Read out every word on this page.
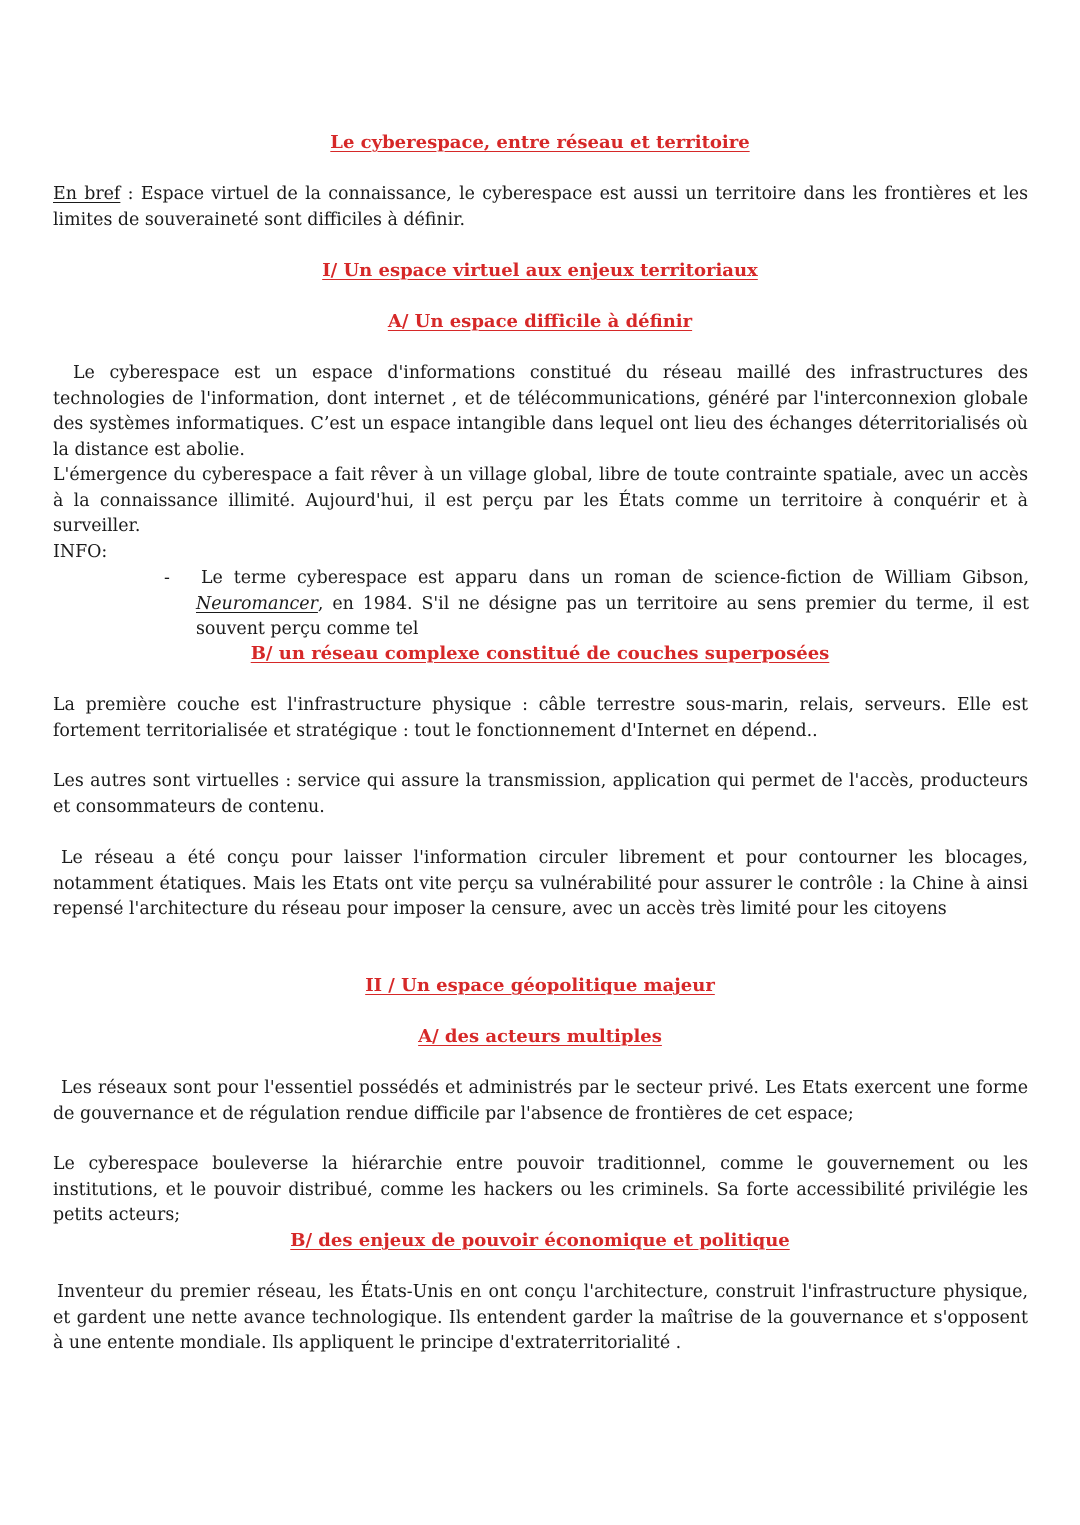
Le cyberespace, entre réseau et territoire

En bref : Espace virtuel de la connaissance, le cyberespace est aussi un territoire dans les frontières et les limites de souveraineté sont difficiles à définir.

I/ Un espace virtuel aux enjeux territoriaux
A/ Un espace difficile à définir

Le cyberespace est un espace d'informations constitué du réseau maillé des infrastructures des technologies de l'information, dont internet , et de télécommunications, généré par l'interconnexion globale des systèmes informatiques. C’est un espace intangible dans lequel ont lieu des échanges déterritorialisés où la distance est abolie.

L'émergence du cyberespace a fait rêver à un village global, libre de toute contrainte spatiale, avec un accès à la connaissance illimité. Aujourd'hui, il est perçu par les États comme un territoire à conquérir et à surveiller.

INFO:

-	Le terme cyberespace est apparu dans un roman de science-fiction de William Gibson, Neuromancer, en 1984. S'il ne désigne pas un territoire au sens premier du terme, il est souvent perçu comme tel

B/ un réseau complexe constitué de couches superposées

La première couche est l'infrastructure physique : câble terrestre sous-marin, relais, serveurs. Elle est fortement territorialisée et stratégique : tout le fonctionnement d'Internet en dépend..

Les autres sont virtuelles : service qui assure la transmission, application qui permet de l'accès, producteurs et consommateurs de contenu.

Le réseau a été conçu pour laisser l'information circuler librement et pour contourner les blocages, notamment étatiques. Mais les Etats ont vite perçu sa vulnérabilité pour assurer le contrôle : la Chine à ainsi repensé l'architecture du réseau pour imposer la censure, avec un accès très limité pour les citoyens

II / Un espace géopolitique majeur
A/ des acteurs multiples

Les réseaux sont pour l'essentiel possédés et administrés par le secteur privé. Les Etats exercent une forme de gouvernance et de régulation rendue difficile par l'absence de frontières de cet espace;

Le cyberespace bouleverse la hiérarchie entre pouvoir traditionnel, comme le gouvernement ou les institutions, et le pouvoir distribué, comme les hackers ou les criminels. Sa forte accessibilité privilégie les petits acteurs;

B/ des enjeux de pouvoir économique et politique

Inventeur du premier réseau, les États-Unis en ont conçu l'architecture, construit l'infrastructure physique, et gardent une nette avance technologique. Ils entendent garder la maîtrise de la gouvernance et s'opposent à une entente mondiale. Ils appliquent le principe d'extraterritorialité .
